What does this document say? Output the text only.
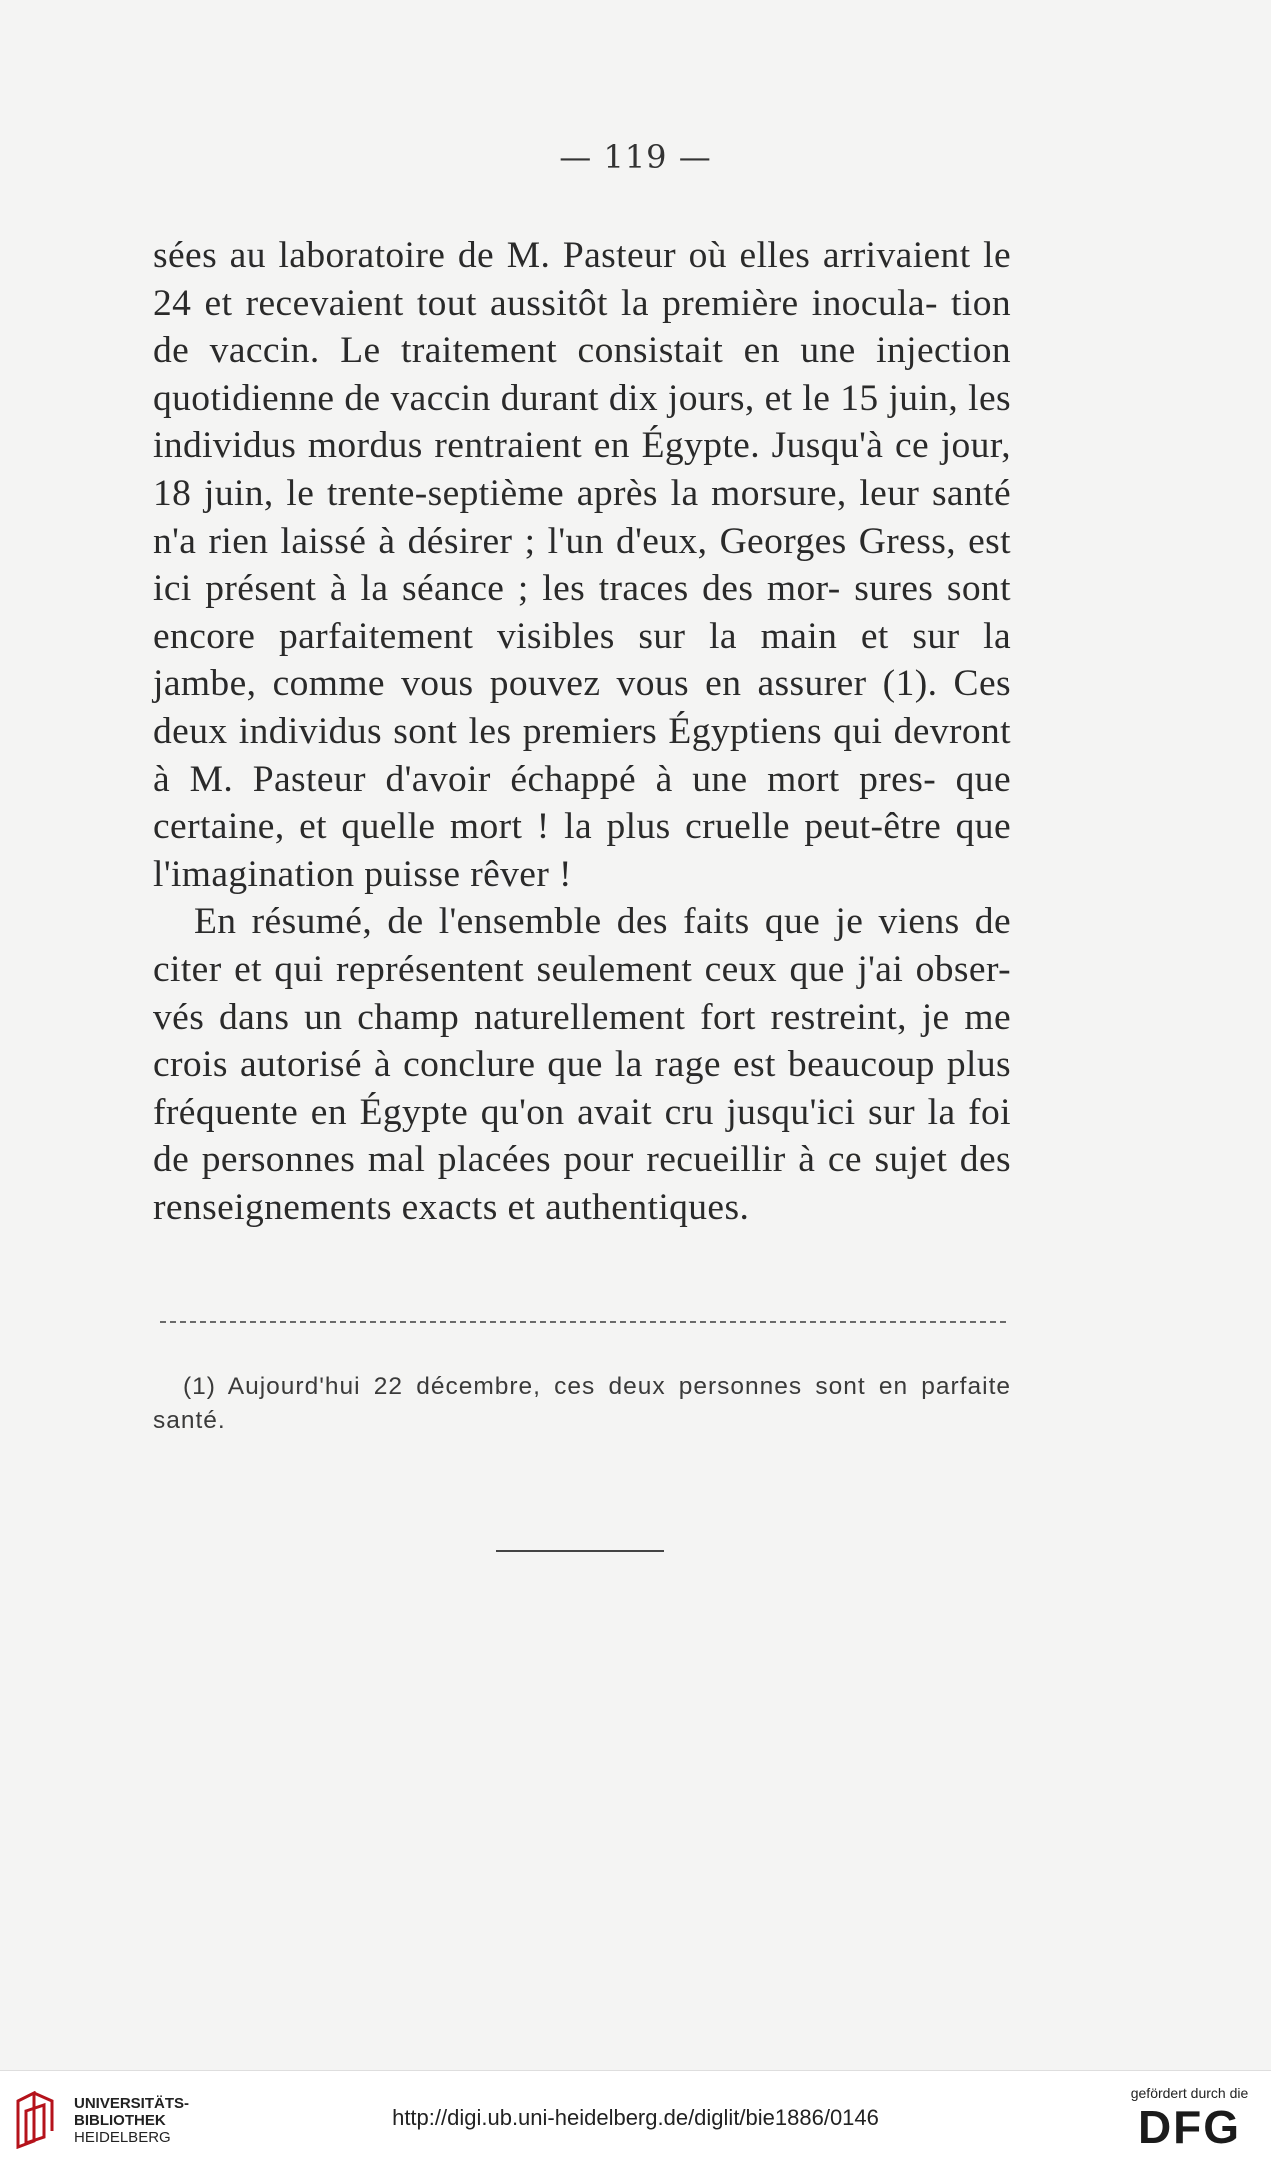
— 119 —

sées au laboratoire de M. Pasteur où elles arrivaient le 24 et recevaient tout aussitôt la première inocula- tion de vaccin. Le traitement consistait en une injection quotidienne de vaccin durant dix jours, et le 15 juin, les individus mordus rentraient en Égypte. Jusqu'à ce jour, 18 juin, le trente-septième après la morsure, leur santé n'a rien laissé à désirer ; l'un d'eux, Georges Gress, est ici présent à la séance ; les traces des mor- sures sont encore parfaitement visibles sur la main et sur la jambe, comme vous pouvez vous en assurer (1). Ces deux individus sont les premiers Égyptiens qui devront à M. Pasteur d'avoir échappé à une mort pres- que certaine, et quelle mort ! la plus cruelle peut-être que l'imagination puisse rêver !

En résumé, de l'ensemble des faits que je viens de citer et qui représentent seulement ceux que j'ai obser- vés dans un champ naturellement fort restreint, je me crois autorisé à conclure que la rage est beaucoup plus fréquente en Égypte qu'on avait cru jusqu'ici sur la foi de personnes mal placées pour recueillir à ce sujet des renseignements exacts et authentiques.

(1) Aujourd'hui 22 décembre, ces deux personnes sont en parfaite santé.
UNIVERSITÄTS-
BIBLIOTHEK
HEIDELBERG
http://digi.ub.uni-heidelberg.de/diglit/bie1886/0146
gefördert durch die
DFG
